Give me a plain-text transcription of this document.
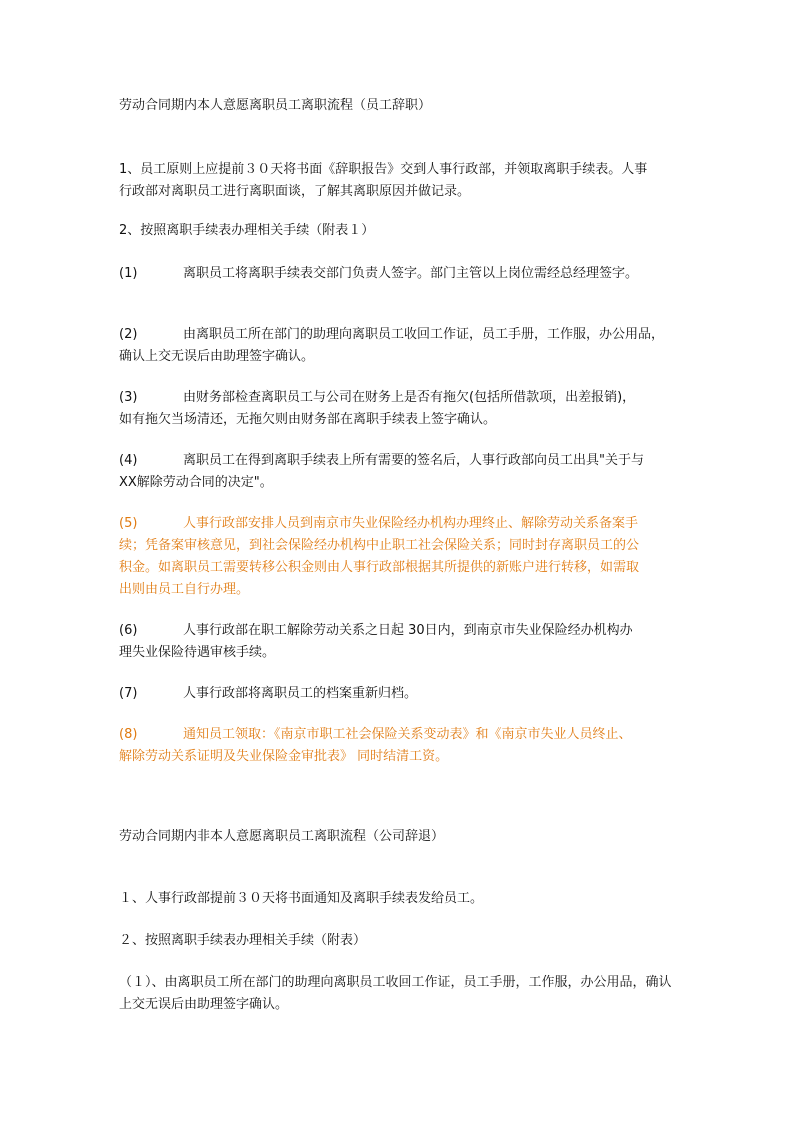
劳动合同期内本人意愿离职员工离职流程（员工辞职）
1、员工原则上应提前３０天将书面《辞职报告》交到人事行政部，并领取离职手续表。人事
行政部对离职员工进行离职面谈，了解其离职原因并做记录。
2、按照离职手续表办理相关手续（附表１）
(1)	离职员工将离职手续表交部门负责人签字。部门主管以上岗位需经总经理签字。
(2)	由离职员工所在部门的助理向离职员工收回工作证，员工手册，工作服，办公用品，
确认上交无误后由助理签字确认。
(3)	由财务部检查离职员工与公司在财务上是否有拖欠(包括所借款项，出差报销)，
如有拖欠当场清还，无拖欠则由财务部在离职手续表上签字确认。
(4)	离职员工在得到离职手续表上所有需要的签名后，人事行政部向员工出具"关于与
XX解除劳动合同的决定"。
(5)	人事行政部安排人员到南京市失业保险经办机构办理终止、解除劳动关系备案手
续；凭备案审核意见，到社会保险经办机构中止职工社会保险关系；同时封存离职员工的公
积金。如离职员工需要转移公积金则由人事行政部根据其所提供的新账户进行转移，如需取
出则由员工自行办理。
(6)	人事行政部在职工解除劳动关系之日起 30日内，到南京市失业保险经办机构办
理失业保险待遇审核手续。
(7)	人事行政部将离职员工的档案重新归档。
(8)	通知员工领取：《南京市职工社会保险关系变动表》和《南京市失业人员终止、
解除劳动关系证明及失业保险金审批表》 同时结清工资。
劳动合同期内非本人意愿离职员工离职流程（公司辞退）
１、人事行政部提前３０天将书面通知及离职手续表发给员工。
２、按照离职手续表办理相关手续（附表）
（１）、由离职员工所在部门的助理向离职员工收回工作证，员工手册，工作服，办公用品，确认
上交无误后由助理签字确认。
